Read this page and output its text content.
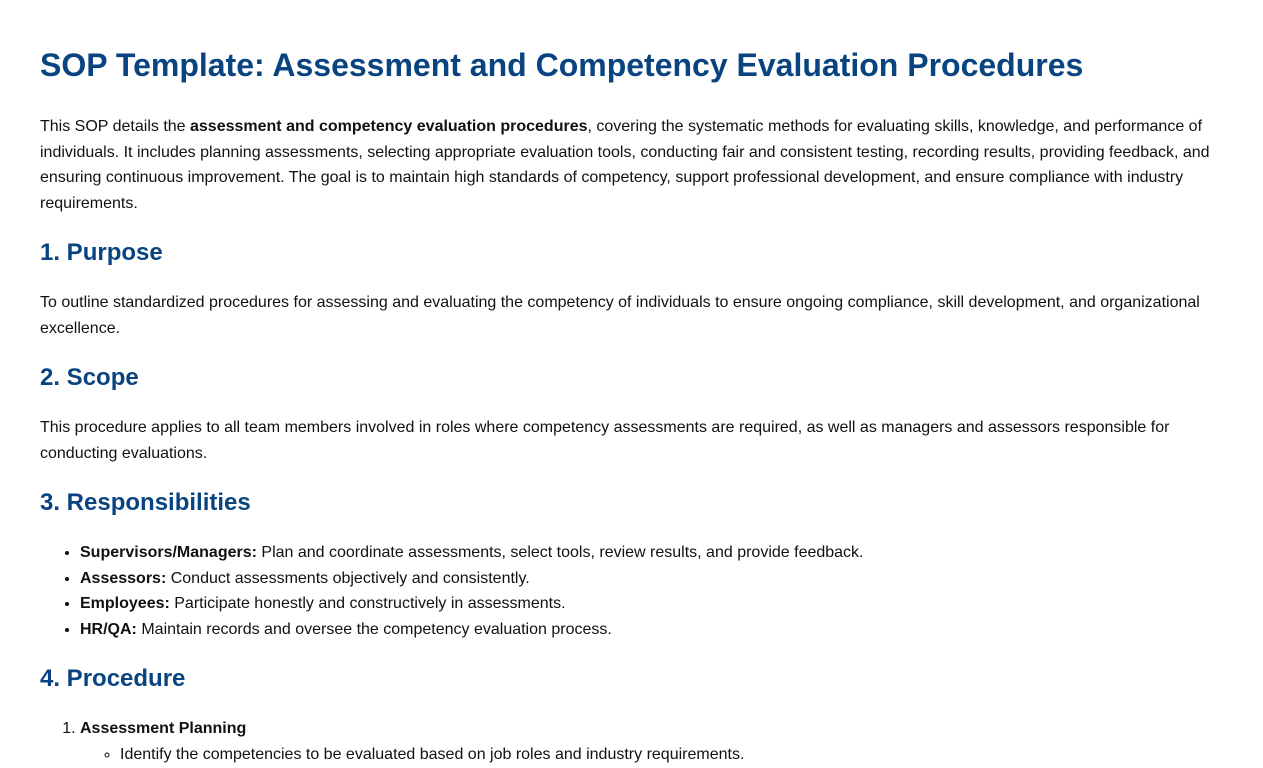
SOP Template: Assessment and Competency Evaluation Procedures

This SOP details the assessment and competency evaluation procedures, covering the systematic methods for evaluating skills, knowledge, and performance of individuals. It includes planning assessments, selecting appropriate evaluation tools, conducting fair and consistent testing, recording results, providing feedback, and ensuring continuous improvement. The goal is to maintain high standards of competency, support professional development, and ensure compliance with industry requirements.

1. Purpose

To outline standardized procedures for assessing and evaluating the competency of individuals to ensure ongoing compliance, skill development, and organizational excellence.

2. Scope

This procedure applies to all team members involved in roles where competency assessments are required, as well as managers and assessors responsible for conducting evaluations.

3. Responsibilities
• Supervisors/Managers: Plan and coordinate assessments, select tools, review results, and provide feedback.
• Assessors: Conduct assessments objectively and consistently.
• Employees: Participate honestly and constructively in assessments.
• HR/QA: Maintain records and oversee the competency evaluation process.
4. Procedure
1. Assessment Planning
◦ Identify the competencies to be evaluated based on job roles and industry requirements.
